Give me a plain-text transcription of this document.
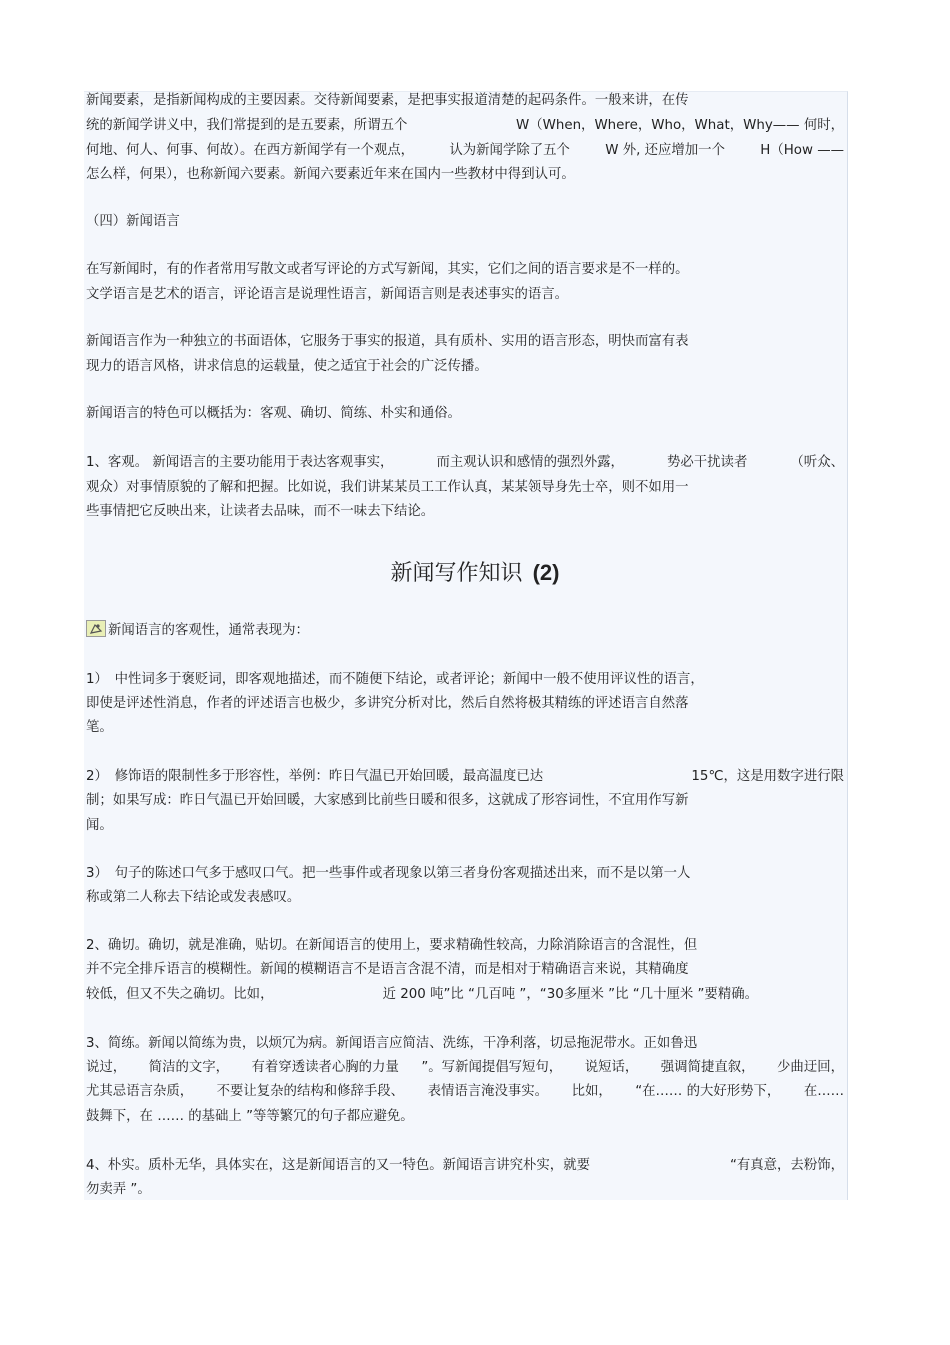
新闻要素，是指新闻构成的主要因素。交待新闻要素，是把事实报道清楚的起码条件。一般来讲，在传
统的新闻学讲义中，我们常提到的是五要素，所谓五个	W（When，Where，Who，What，Why—— 何时，
何地、何人、何事、何故）。在西方新闻学有一个观点，	认为新闻学除了五个	W 外, 还应增加一个	H（How ——
怎么样，何果），也称新闻六要素。新闻六要素近年来在国内一些教材中得到认可。
（四）新闻语言
在写新闻时，有的作者常用写散文或者写评论的方式写新闻，其实，它们之间的语言要求是不一样的。
文学语言是艺术的语言，评论语言是说理性语言，新闻语言则是表述事实的语言。
新闻语言作为一种独立的书面语体，它服务于事实的报道，具有质朴、实用的语言形态，明快而富有表
现力的语言风格，讲求信息的运载量，使之适宜于社会的广泛传播。
新闻语言的特色可以概括为：客观、确切、简练、朴实和通俗。
1、客观。 新闻语言的主要功能用于表达客观事实，	而主观认识和感情的强烈外露，	势必干扰读者	（听众、
观众）对事情原貌的了解和把握。比如说，我们讲某某员工工作认真，某某领导身先士卒，则不如用一
些事情把它反映出来，让读者去品味，而不一味去下结论。
新闻写作知识 (2)
新闻语言的客观性，通常表现为：
1）　中性词多于褒贬词，即客观地描述，而不随便下结论，或者评论；新闻中一般不使用评议性的语言，
即使是评述性消息，作者的评述语言也极少，多讲究分析对比，然后自然将极其精练的评述语言自然落
笔。
2）　修饰语的限制性多于形容性，举例：昨日气温已开始回暖，最高温度已达	15℃，这是用数字进行限
制；如果写成：昨日气温已开始回暖，大家感到比前些日暖和很多，这就成了形容词性，不宜用作写新
闻。
3）　句子的陈述口气多于感叹口气。把一些事件或者现象以第三者身份客观描述出来，而不是以第一人
称或第二人称去下结论或发表感叹。
2、确切。确切，就是准确，贴切。在新闻语言的使用上，要求精确性较高，力除消除语言的含混性，但
并不完全排斥语言的模糊性。新闻的模糊语言不是语言含混不清，而是相对于精确语言来说，其精确度
较低，但又不失之确切。比如，	近 200 吨”比 “几百吨 ”，“30多厘米 ”比 “几十厘米 ”要精确。
3、简练。新闻以简练为贵，以烦冗为病。新闻语言应简洁、洗练，干净利落，切忌拖泥带水。正如鲁迅
说过， 简洁的文字， 有着穿透读者心胸的力量 ”。写新闻提倡写短句， 说短话， 强调简捷直叙， 少曲迂回，
尤其忌语言杂质， 不要让复杂的结构和修辞手段、 表情语言淹没事实。 比如， “在…… 的大好形势下， 在……
鼓舞下，在 …… 的基础上 ”等等繁冗的句子都应避免。
4、朴实。质朴无华，具体实在，这是新闻语言的又一特色。新闻语言讲究朴实，就要	“有真意，去粉饰，
勿卖弄 ”。
